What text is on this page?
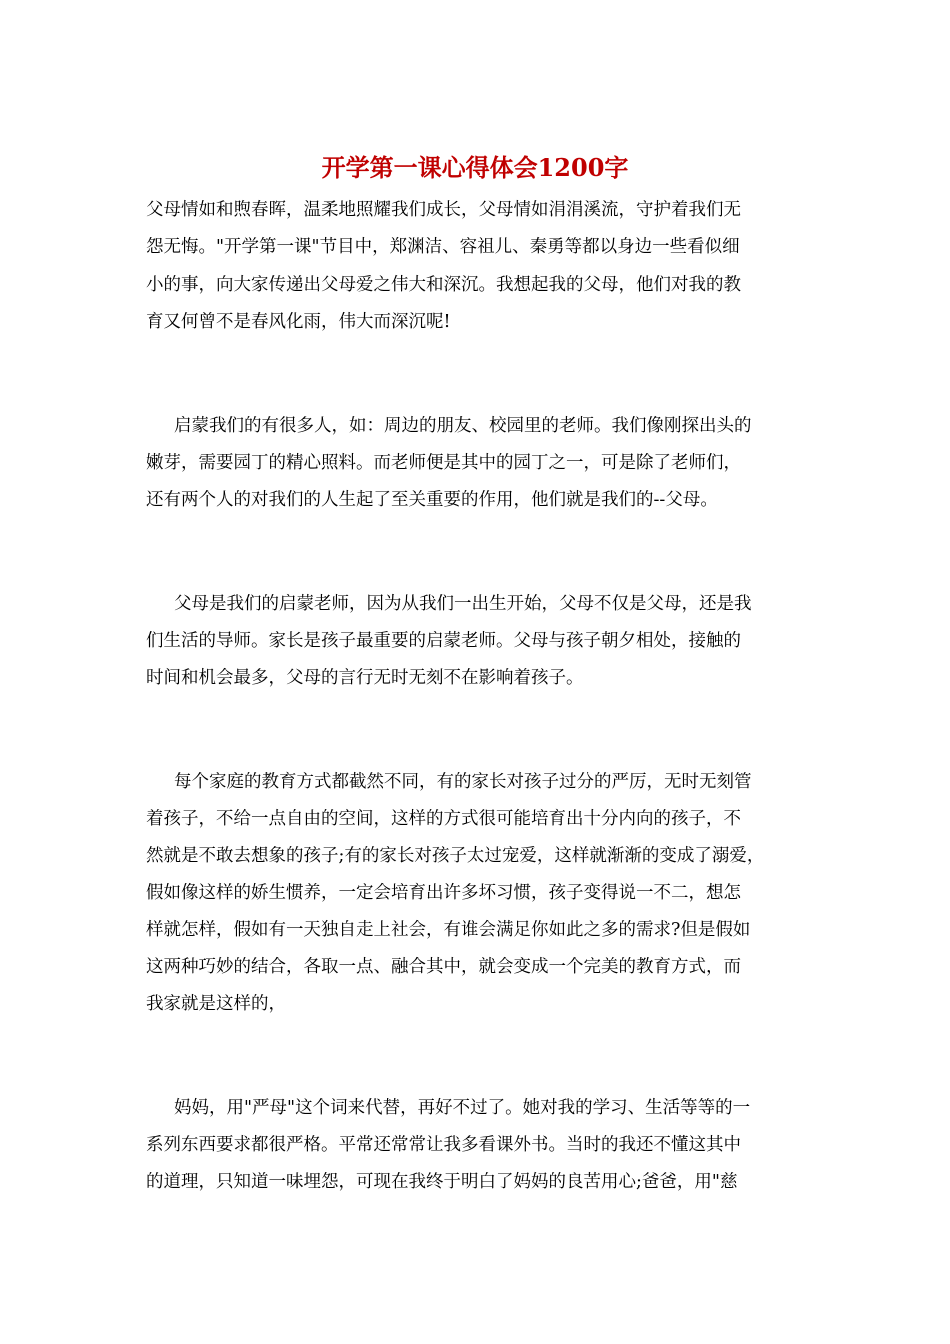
开学第一课心得体会1200字

父母情如和煦春晖，温柔地照耀我们成长，父母情如涓涓溪流，守护着我们无

怨无悔。"开学第一课"节目中，郑渊洁、容祖儿、秦勇等都以身边一些看似细

小的事，向大家传递出父母爱之伟大和深沉。我想起我的父母，他们对我的教

育又何曾不是春风化雨，伟大而深沉呢!

启蒙我们的有很多人，如：周边的朋友、校园里的老师。我们像刚探出头的

嫩芽，需要园丁的精心照料。而老师便是其中的园丁之一，可是除了老师们，

还有两个人的对我们的人生起了至关重要的作用，他们就是我们的--父母。

父母是我们的启蒙老师，因为从我们一出生开始，父母不仅是父母，还是我

们生活的导师。家长是孩子最重要的启蒙老师。父母与孩子朝夕相处，接触的

时间和机会最多，父母的言行无时无刻不在影响着孩子。

每个家庭的教育方式都截然不同，有的家长对孩子过分的严厉，无时无刻管

着孩子，不给一点自由的空间，这样的方式很可能培育出十分内向的孩子，不

然就是不敢去想象的孩子;有的家长对孩子太过宠爱，这样就渐渐的变成了溺爱，

假如像这样的娇生惯养，一定会培育出许多坏习惯，孩子变得说一不二，想怎

样就怎样，假如有一天独自走上社会，有谁会满足你如此之多的需求?但是假如

这两种巧妙的结合，各取一点、融合其中，就会变成一个完美的教育方式，而

我家就是这样的，

妈妈，用"严母"这个词来代替，再好不过了。她对我的学习、生活等等的一

系列东西要求都很严格。平常还常常让我多看课外书。当时的我还不懂这其中

的道理，只知道一味埋怨，可现在我终于明白了妈妈的良苦用心;爸爸，用"慈
